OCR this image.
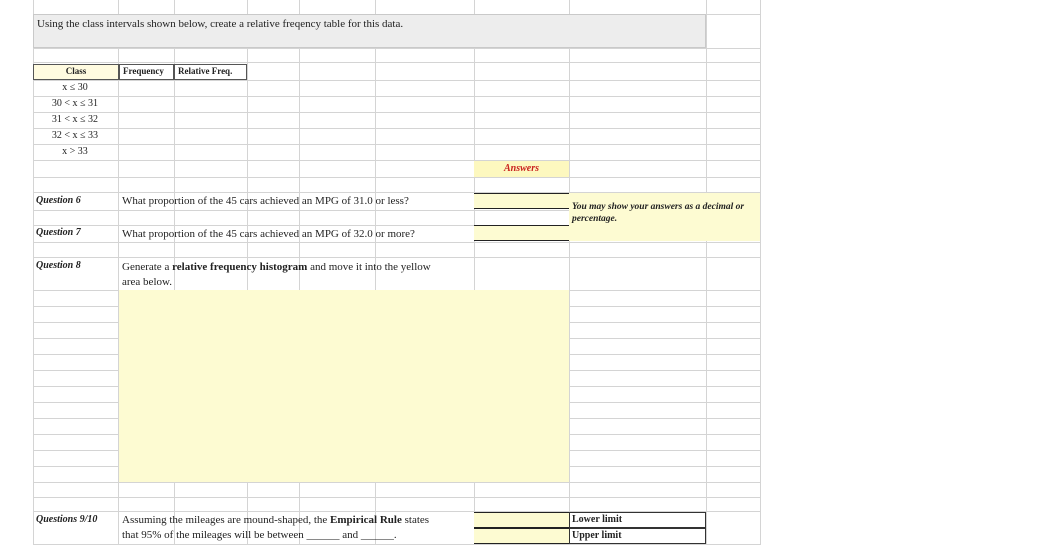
Using the class intervals shown below, create a relative freqency table for this data.
Class	Frequency	Relative Freq.
x ≤ 30
30 < x ≤ 31
31 < x ≤ 32
32 < x ≤ 33
x > 33
Answers
Question 6	What proportion of the 45 cars achieved an MPG of 31.0 or less?	You may show your answers as a decimal or percentage.
Question 7	What proportion of the 45 cars achieved an MPG of 32.0 or more?
Question 8	Generate a relative frequency histogram and move it into the yellow
area below.
Questions 9/10 Assuming the mileages are mound-shaped, the Empirical Rule states
that 95% of the mileages will be between ______ and ______.
Lower limit
Upper limit
